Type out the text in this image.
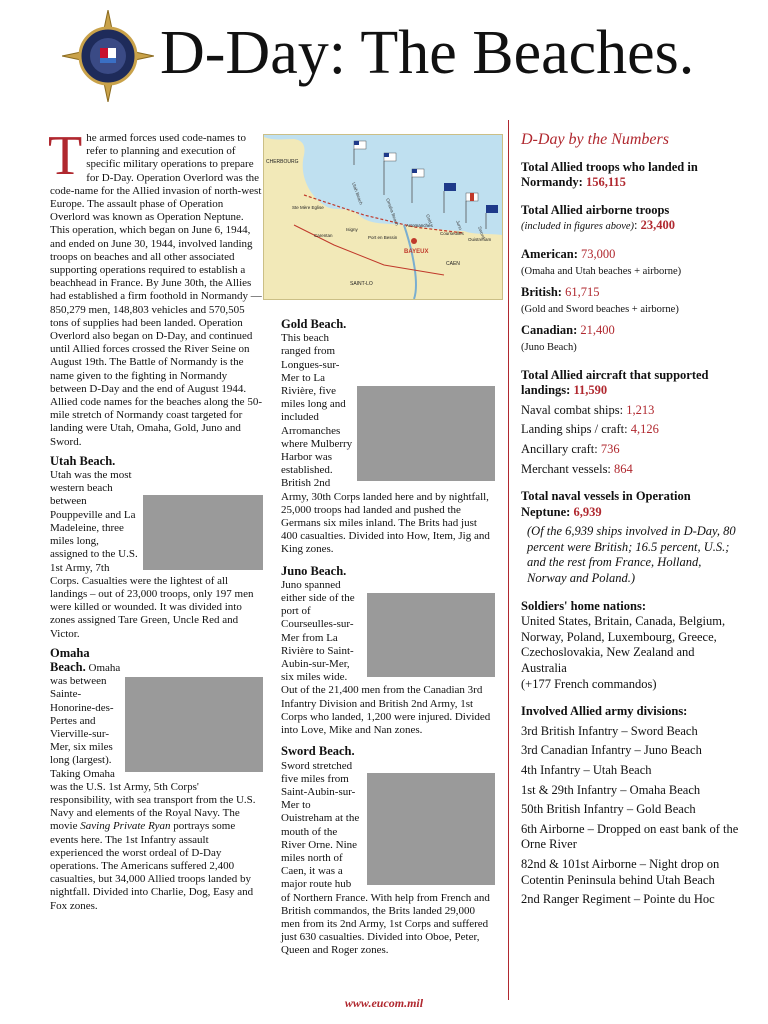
D-Day: The Beaches.

The armed forces used code-names to refer to planning and execution of specific military operations to prepare for D-Day. Operation Overlord was the code-name for the Allied invasion of north-west Europe. The assault phase of Operation Overlord was known as Operation Neptune. This operation, which began on June 6, 1944, and ended on June 30, 1944, involved landing troops on beaches and all other associated supporting operations required to establish a beachhead in France. By June 30th, the Allies had established a firm foothold in Normandy — 850,279 men, 148,803 vehicles and 570,505 tons of supplies had been landed. Operation Overlord also began on D-Day, and continued until Allied forces crossed the River Seine on August 19th. The Battle of Normandy is the name given to the fighting in Normandy between D-Day and the end of August 1944. Allied code names for the beaches along the 50-mile stretch of Normandy coast targeted for landing were Utah, Omaha, Gold, Juno and Sword.

Utah Beach. Utah was the most western beach between Pouppeville and La Madeleine, three miles long, assigned to the U.S. 1st Army, 7th Corps. Casualties were the lightest of all landings – out of 23,000 troops, only 197 men were killed or wounded. It was divided into zones assigned Tare Green, Uncle Red and Victor.

Omaha Beach. Omaha was between Sainte-Honorine-des-Pertes and Vierville-sur-Mer, six miles long (largest). Taking Omaha was the U.S. 1st Army, 5th Corps' responsibility, with sea transport from the U.S. Navy and elements of the Royal Navy. The movie Saving Private Ryan portrays some events here. The 1st Infantry assault experienced the worst ordeal of D-Day operations. The Americans suffered 2,400 casualties, but 34,000 Allied troops landed by nightfall. Divided into Charlie, Dog, Easy and Fox zones.

CHERBOURG
Ste Mère Eglise
Carentan
Isigny
Port en Bessin
Arromanches
Courseulles
Ouistreham
BAYEUX
CAEN
SAINT-LO
Utah Beach
Omaha Beach	Gold
Juno
Sword

Gold Beach. This beach ranged from Longues-sur-Mer to La Rivière, five miles long and included Arromanches where Mulberry Harbor was established. British 2nd Army, 30th Corps landed here and by nightfall, 25,000 troops had landed and pushed the Germans six miles inland. The Brits had just 400 casualties. Divided into How, Item, Jig and King zones.

Juno Beach. Juno spanned either side of the port of Courseulles-sur-Mer from La Rivière to Saint-Aubin-sur-Mer, six miles wide. Out of the 21,400 men from the Canadian 3rd Infantry Division and British 2nd Army, 1st Corps who landed, 1,200 were injured. Divided into Love, Mike and Nan zones.

Sword Beach. Sword stretched five miles from Saint-Aubin-sur-Mer to Ouistreham at the mouth of the River Orne. Nine miles north of Caen, it was a major route hub of Northern France. With help from French and British commandos, the Brits landed 29,000 men from its 2nd Army, 1st Corps and suffered just 630 casualties. Divided into Oboe, Peter, Queen and Roger zones.

D-Day by the Numbers
Total Allied troops who landed in Normandy: 156,115
Total Allied airborne troops
(included in figures above): 23,400
American: 73,000
(Omaha and Utah beaches + airborne)
British: 61,715
(Gold and Sword beaches + airborne)
Canadian: 21,400
(Juno Beach)
Total Allied aircraft that supported landings: 11,590
Naval combat ships: 1,213
Landing ships / craft: 4,126
Ancillary craft: 736
Merchant vessels: 864
Total naval vessels in Operation Neptune: 6,939
(Of the 6,939 ships involved in D-Day, 80 percent were British; 16.5 percent, U.S.; and the rest from France, Holland, Norway and Poland.)
Soldiers' home nations:
United States, Britain, Canada, Belgium, Norway, Poland, Luxembourg, Greece, Czechoslovakia, New Zealand and Australia
(+177 French commandos)
Involved Allied army divisions:
3rd British Infantry – Sword Beach
3rd Canadian Infantry – Juno Beach
4th Infantry – Utah Beach
1st & 29th Infantry – Omaha Beach
50th British Infantry – Gold Beach
6th Airborne – Dropped on east bank of the Orne River
82nd & 101st Airborne – Night drop on Cotentin Peninsula behind Utah Beach
2nd Ranger Regiment – Pointe du Hoc
www.eucom.mil
